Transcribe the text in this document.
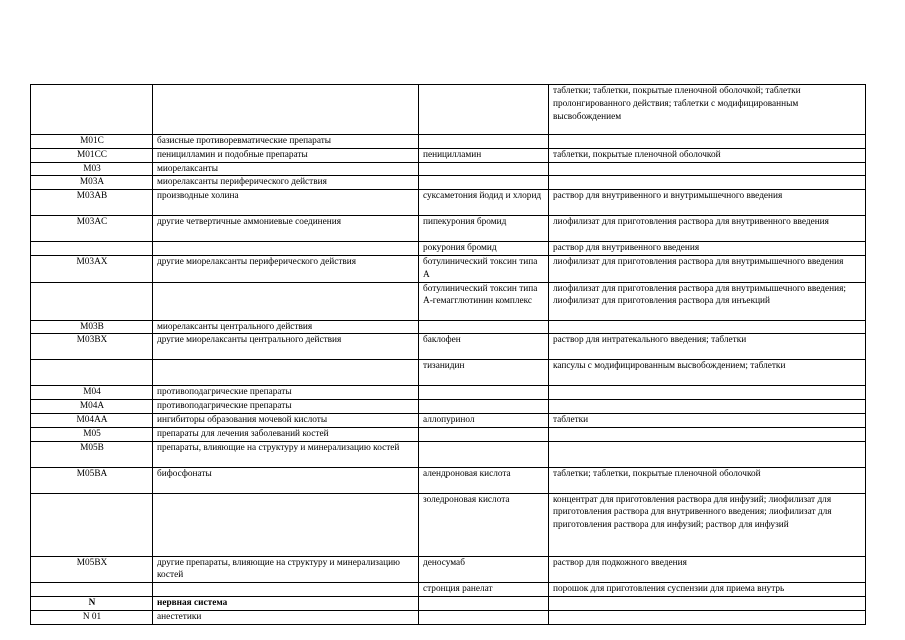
			таблетки; таблетки, покрытые пленочной оболочкой; таблетки пролонгированного действия; таблетки с модифицированным высвобождением
M01C	базисные противоревматические препараты		
M01CC	пеницилламин и подобные препараты	пеницилламин	таблетки, покрытые пленочной оболочкой
M03	миорелаксанты		
M03A	миорелаксанты периферического действия		
M03AB	производные холина	суксаметония йодид и хлорид	раствор для внутривенного и внутримышечного введения
M03AC	другие четвертичные аммониевые соединения	пипекурония бромид	лиофилизат для приготовления раствора для внутривенного введения
		рокурония бромид	раствор для внутривенного введения
M03AX	другие миорелаксанты периферического действия	ботулинический токсин типа A	лиофилизат для приготовления раствора для внутримышечного введения
		ботулинический токсин типа A-гемагглютинин комплекс	лиофилизат для приготовления раствора для внутримышечного введения; лиофилизат для приготовления раствора для инъекций
M03B	миорелаксанты центрального действия		
M03BX	другие миорелаксанты центрального действия	баклофен	раствор для интратекального введения; таблетки
		тизанидин	капсулы с модифицированным высвобождением; таблетки
M04	противоподагрические препараты		
M04A	противоподагрические препараты		
M04AA	ингибиторы образования мочевой кислоты	аллопуринол	таблетки
M05	препараты для лечения заболеваний костей		
M05B	препараты, влияющие на структуру и минерализацию костей		
M05BA	бифосфонаты	алендроновая кислота	таблетки; таблетки, покрытые пленочной оболочкой
		золедроновая кислота	концентрат для приготовления раствора для инфузий; лиофилизат для приготовления раствора для внутривенного введения; лиофилизат для приготовления раствора для инфузий; раствор для инфузий
M05BX	другие препараты, влияющие на структуру и минерализацию костей	деносумаб	раствор для подкожного введения
		стронция ранелат	порошок для приготовления суспензии для приема внутрь
N	нервная система		
N 01	анестетики		
